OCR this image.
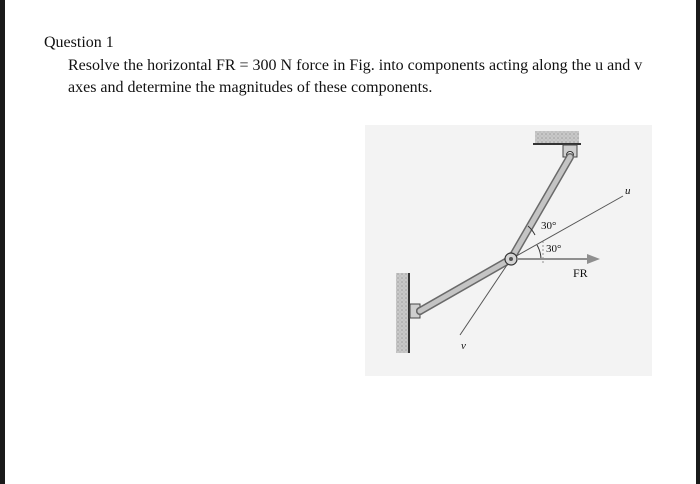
Question 1
Resolve the horizontal FR = 300 N force in Fig. into components acting along the u and v
axes and determine the magnitudes of these components.
30°
30°
FR
u
v
